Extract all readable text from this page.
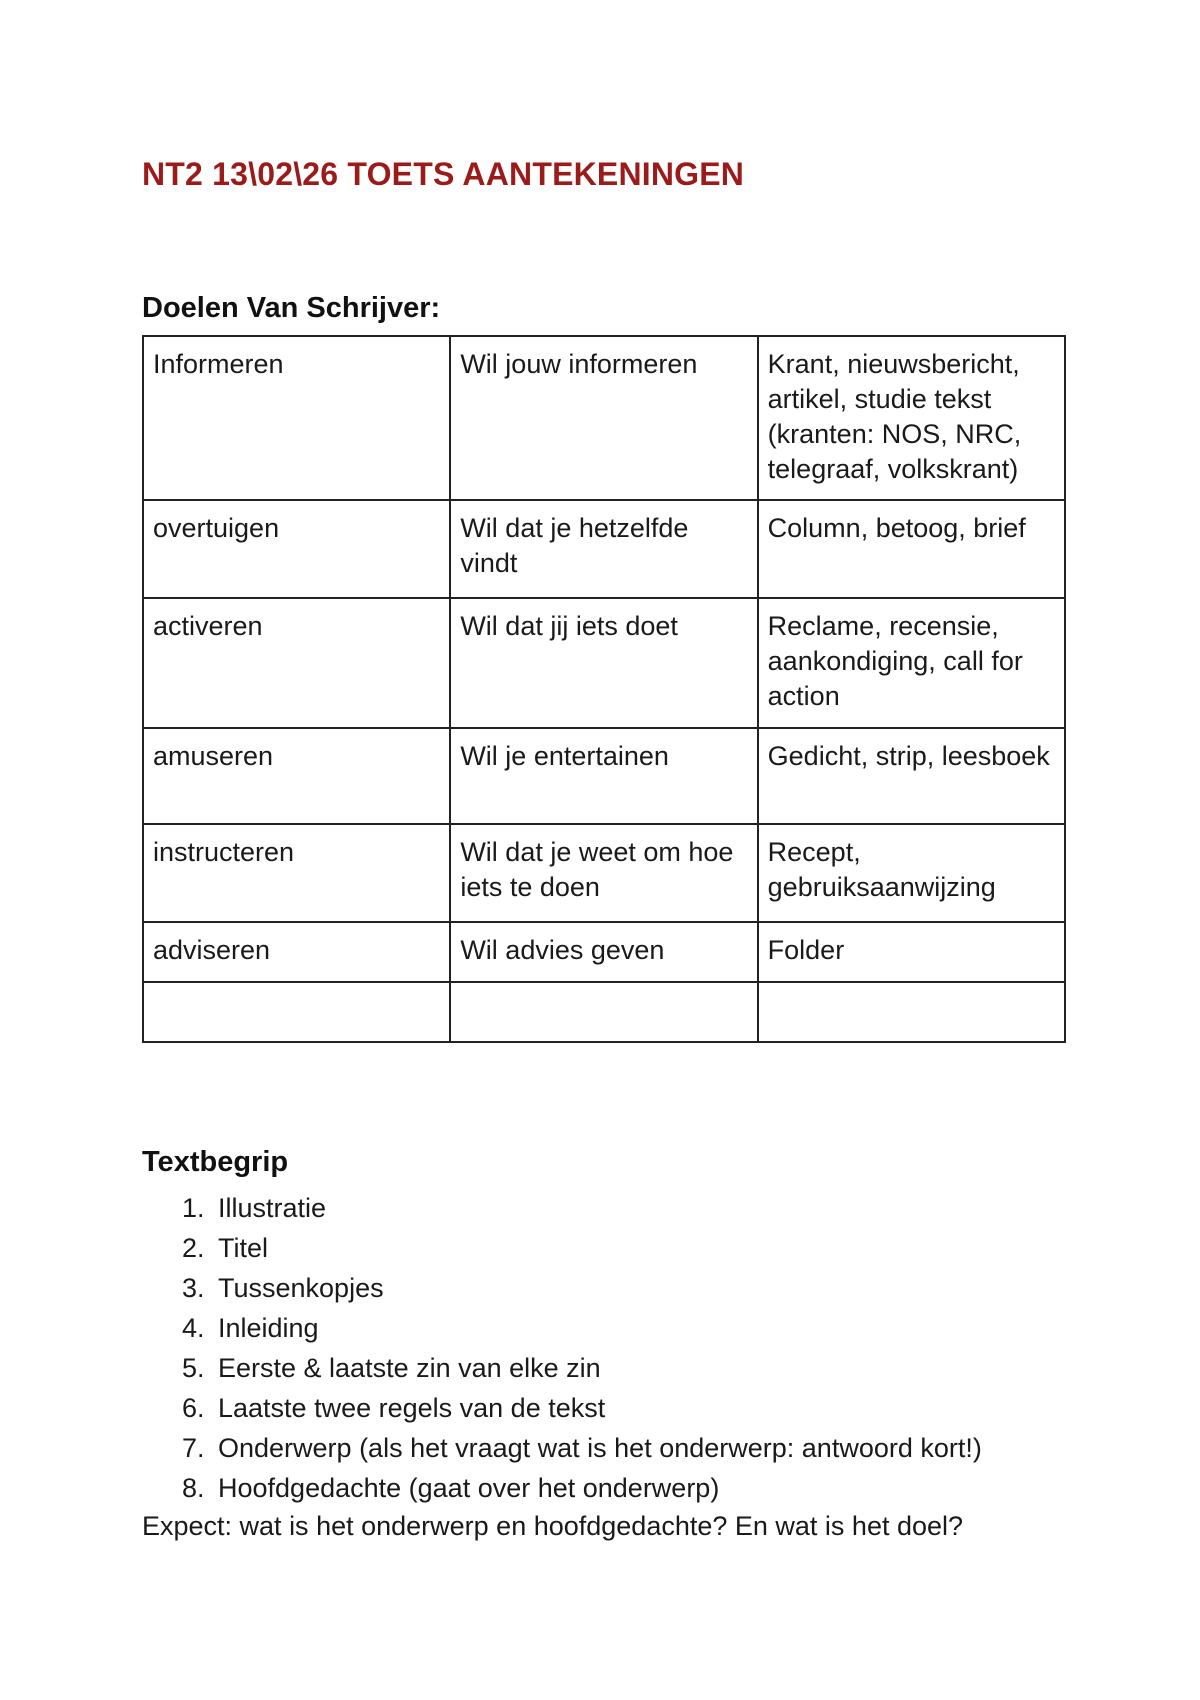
NT2 13\02\26 TOETS AANTEKENINGEN
Doelen Van Schrijver:
Informeren	Wil jouw informeren	Krant, nieuwsbericht, artikel, studie tekst (kranten: NOS, NRC, telegraaf, volkskrant)
overtuigen	Wil dat je hetzelfde vindt	Column, betoog, brief
activeren	Wil dat jij iets doet	Reclame, recensie, aankondiging, call for action
amuseren	Wil je entertainen	Gedicht, strip, leesboek
instructeren	Wil dat je weet om hoe iets te doen	Recept, gebruiksaanwijzing
adviseren	Wil advies geven	Folder

Textbegrip
1. Illustratie
2. Titel
3. Tussenkopjes
4. Inleiding
5. Eerste & laatste zin van elke zin
6. Laatste twee regels van de tekst
7. Onderwerp (als het vraagt wat is het onderwerp: antwoord kort!)
8. Hoofdgedachte (gaat over het onderwerp)

Expect: wat is het onderwerp en hoofdgedachte? En wat is het doel?
